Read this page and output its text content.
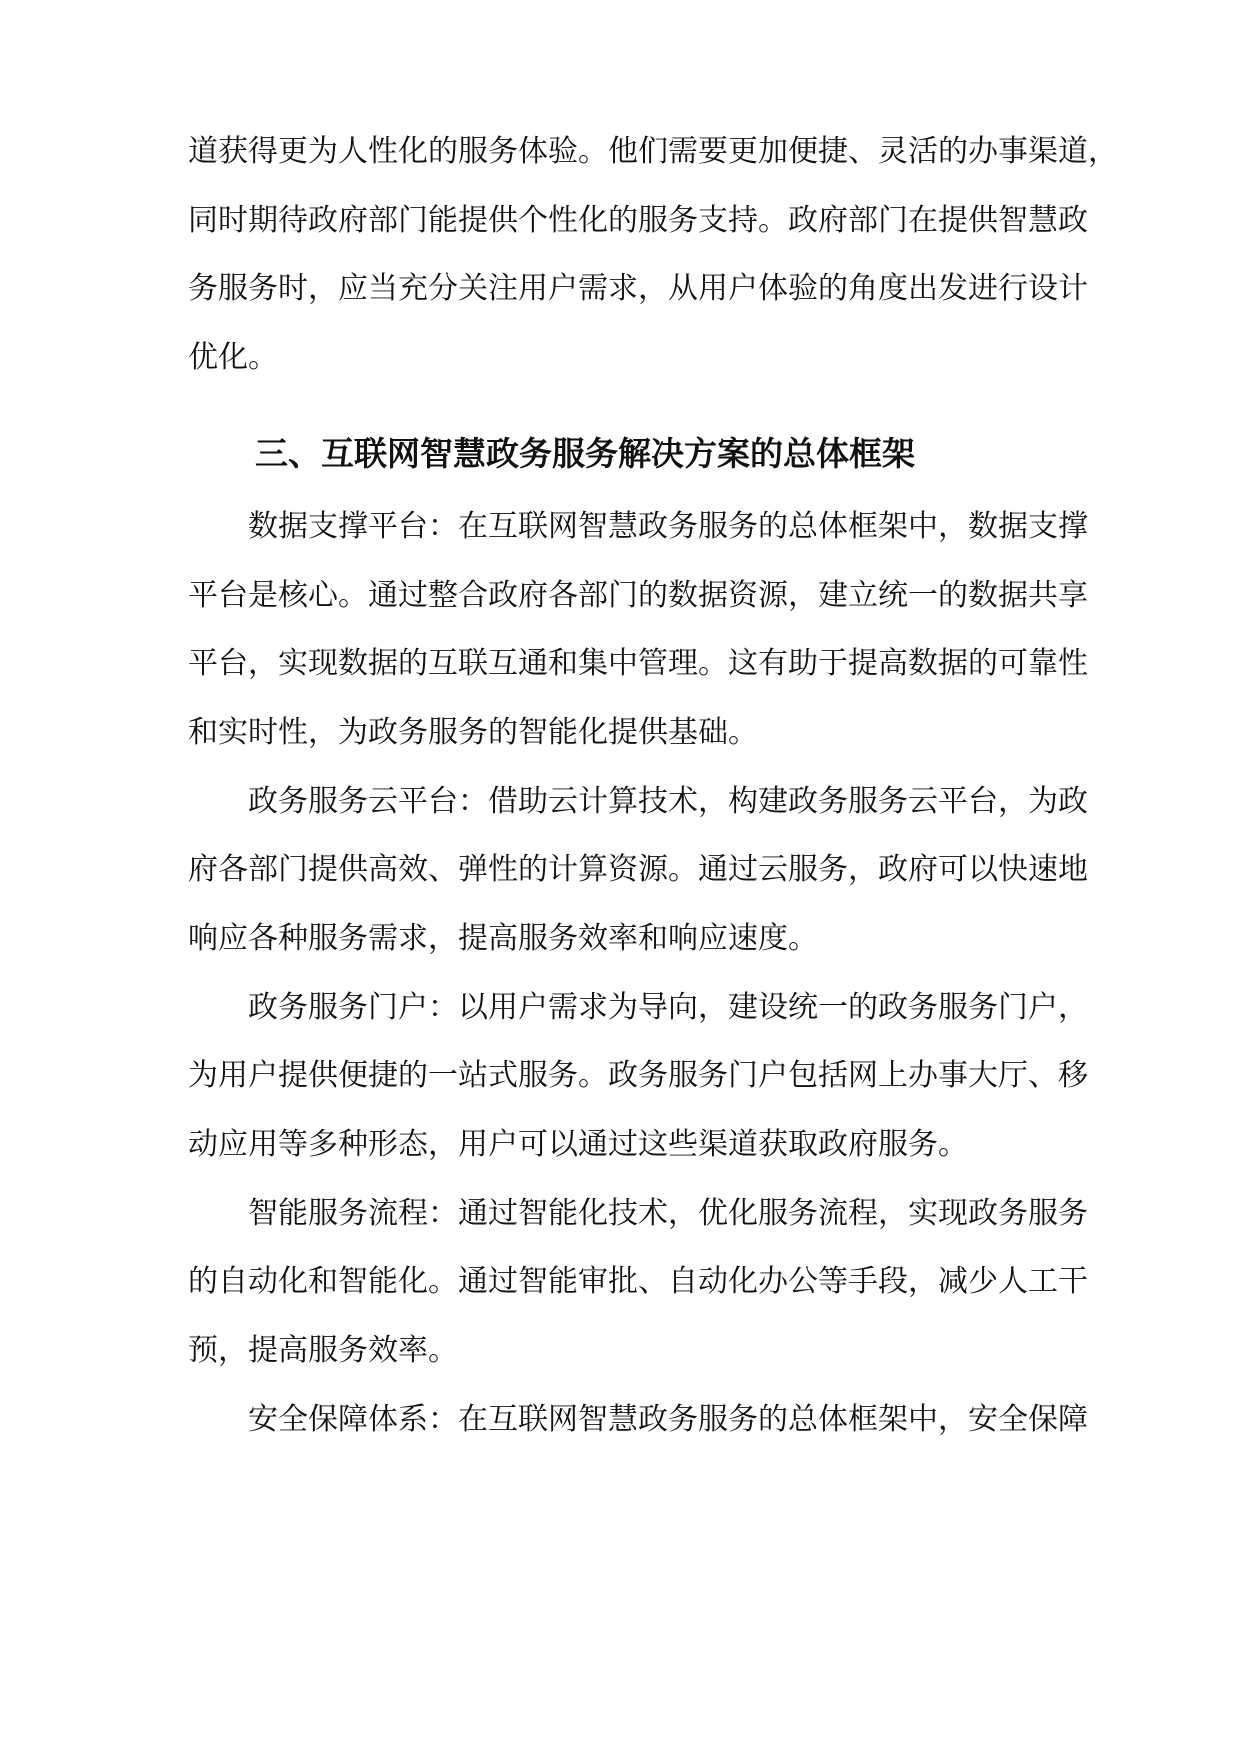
道获得更为人性化的服务体验。他们需要更加便捷、灵活的办事渠道，
同时期待政府部门能提供个性化的服务支持。政府部门在提供智慧政
务服务时，应当充分关注用户需求，从用户体验的角度出发进行设计
优化。
三、互联网智慧政务服务解决方案的总体框架
数据支撑平台：在互联网智慧政务服务的总体框架中，数据支撑
平台是核心。通过整合政府各部门的数据资源，建立统一的数据共享
平台，实现数据的互联互通和集中管理。这有助于提高数据的可靠性
和实时性，为政务服务的智能化提供基础。
政务服务云平台：借助云计算技术，构建政务服务云平台，为政
府各部门提供高效、弹性的计算资源。通过云服务，政府可以快速地
响应各种服务需求，提高服务效率和响应速度。
政务服务门户：以用户需求为导向，建设统一的政务服务门户，
为用户提供便捷的一站式服务。政务服务门户包括网上办事大厅、移
动应用等多种形态，用户可以通过这些渠道获取政府服务。
智能服务流程：通过智能化技术，优化服务流程，实现政务服务
的自动化和智能化。通过智能审批、自动化办公等手段，减少人工干
预，提高服务效率。
安全保障体系：在互联网智慧政务服务的总体框架中，安全保障
